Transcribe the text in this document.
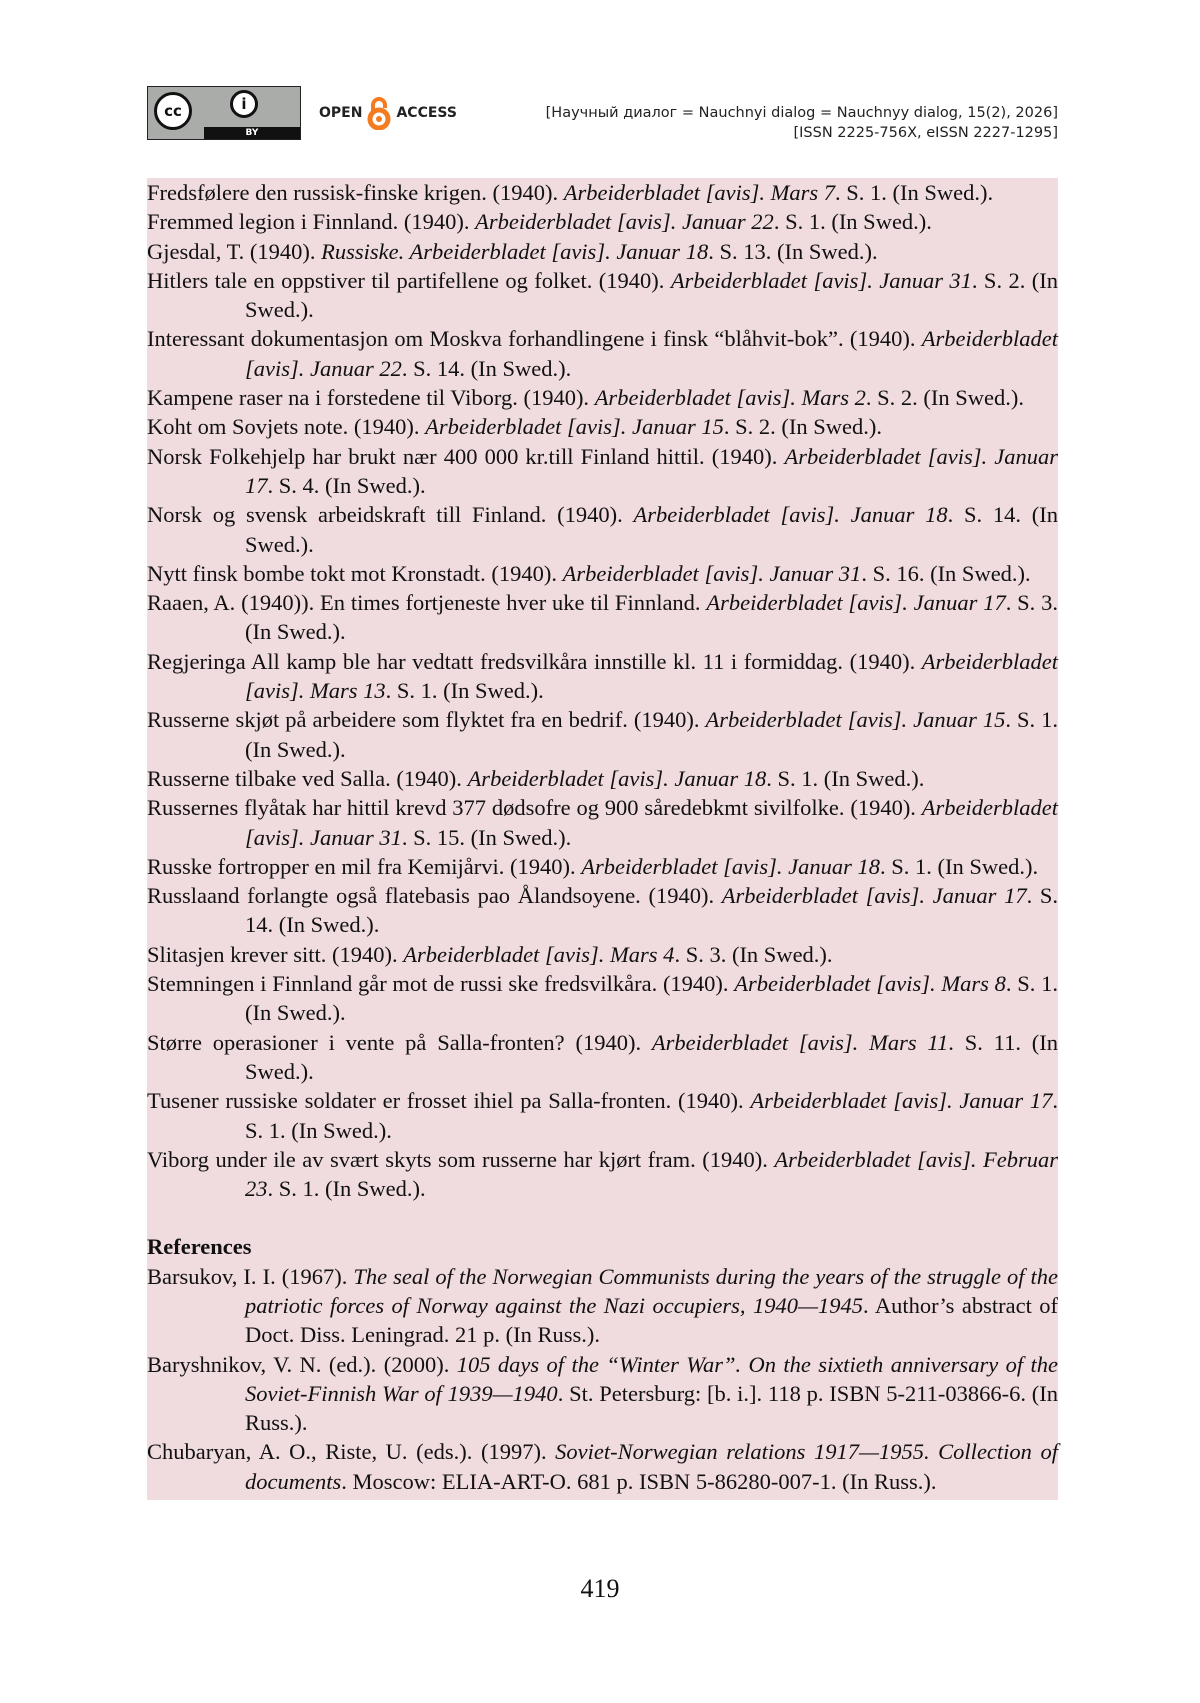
cc	i
BY
OPEN ACCESS	[Научный диалог = Nauchnyi dialog = Nauchnyy dialog, 15(2), 2026]
[ISSN 2225-756X, eISSN 2227-1295]
Fredsfølere den russisk-finske krigen. (1940). Arbeiderbladet [avis]. Mars 7. S. 1. (In Swed.).
Fremmed legion i Finnland. (1940). Arbeiderbladet [avis]. Januar 22. S. 1. (In Swed.).
Gjesdal, T. (1940). Russiske. Arbeiderbladet [avis]. Januar 18. S. 13. (In Swed.).
Hitlers tale en oppstiver til partifellene og folket. (1940). Arbeiderbladet [avis]. Januar 31. S. 2. (In Swed.).
Interessant dokumentasjon om Moskva forhandlingene i finsk “blåhvit-bok”. (1940). Arbeiderbladet [avis]. Januar 22. S. 14. (In Swed.).
Kampene raser na i forstedene til Viborg. (1940). Arbeiderbladet [avis]. Mars 2. S. 2. (In Swed.).
Koht om Sovjets note. (1940). Arbeiderbladet [avis]. Januar 15. S. 2. (In Swed.).
Norsk Folkehjelp har brukt nær 400 000 kr.till Finland hittil. (1940). Arbeiderbladet [avis]. Januar 17. S. 4. (In Swed.).
Norsk og svensk arbeidskraft till Finland. (1940). Arbeiderbladet [avis]. Januar 18. S. 14. (In Swed.).
Nytt finsk bombe tokt mot Kronstadt. (1940). Arbeiderbladet [avis]. Januar 31. S. 16. (In Swed.).
Raaen, A. (1940)). En times fortjeneste hver uke til Finnland. Arbeiderbladet [avis]. Januar 17. S. 3. (In Swed.).
Regjeringa All kamp ble har vedtatt fredsvilkåra innstille kl. 11 i formiddag. (1940). Arbeiderbladet [avis]. Mars 13. S. 1. (In Swed.).
Russerne skjøt på arbeidere som flyktet fra en bedrif. (1940). Arbeiderbladet [avis]. Januar 15. S. 1. (In Swed.).
Russerne tilbake ved Salla. (1940). Arbeiderbladet [avis]. Januar 18. S. 1. (In Swed.).
Russernes flyåtak har hittil krevd 377 dødsofre og 900 såredebkmt sivilfolke. (1940). Arbeiderbladet [avis]. Januar 31. S. 15. (In Swed.).
Russke fortropper en mil fra Kemijårvi. (1940). Arbeiderbladet [avis]. Januar 18. S. 1. (In Swed.).
Russlaand forlangte også flatebasis pao Ålandsoyene. (1940). Arbeiderbladet [avis]. Januar 17. S. 14. (In Swed.).
Slitasjen krever sitt. (1940). Arbeiderbladet [avis]. Mars 4. S. 3. (In Swed.).
Stemningen i Finnland går mot de russi ske fredsvilkåra. (1940). Arbeiderbladet [avis]. Mars 8. S. 1. (In Swed.).
Større operasioner i vente på Salla-fronten? (1940). Arbeiderbladet [avis]. Mars 11. S. 11. (In Swed.).
Tusener russiske soldater er frosset ihiel pa Salla-fronten. (1940). Arbeiderbladet [avis]. Januar 17. S. 1. (In Swed.).
Viborg under ile av svært skyts som russerne har kjørt fram. (1940). Arbeiderbladet [avis]. Februar 23. S. 1. (In Swed.).
References
Barsukov, I. I. (1967). The seal of the Norwegian Communists during the years of the struggle of the patriotic forces of Norway against the Nazi occupiers, 1940—1945. Author’s abstract of Doct. Diss. Leningrad. 21 p. (In Russ.).
Baryshnikov, V. N. (ed.). (2000). 105 days of the “Winter War”. On the sixtieth anniversary of the Soviet-Finnish War of 1939—1940. St. Petersburg: [b. i.]. 118 p. ISBN 5-211-03866-6. (In Russ.).
Chubaryan, A. O., Riste, U. (eds.). (1997). Soviet-Norwegian relations 1917—1955. Collection of documents. Moscow: ELIA-ART-O. 681 p. ISBN 5-86280-007-1. (In Russ.).
419
